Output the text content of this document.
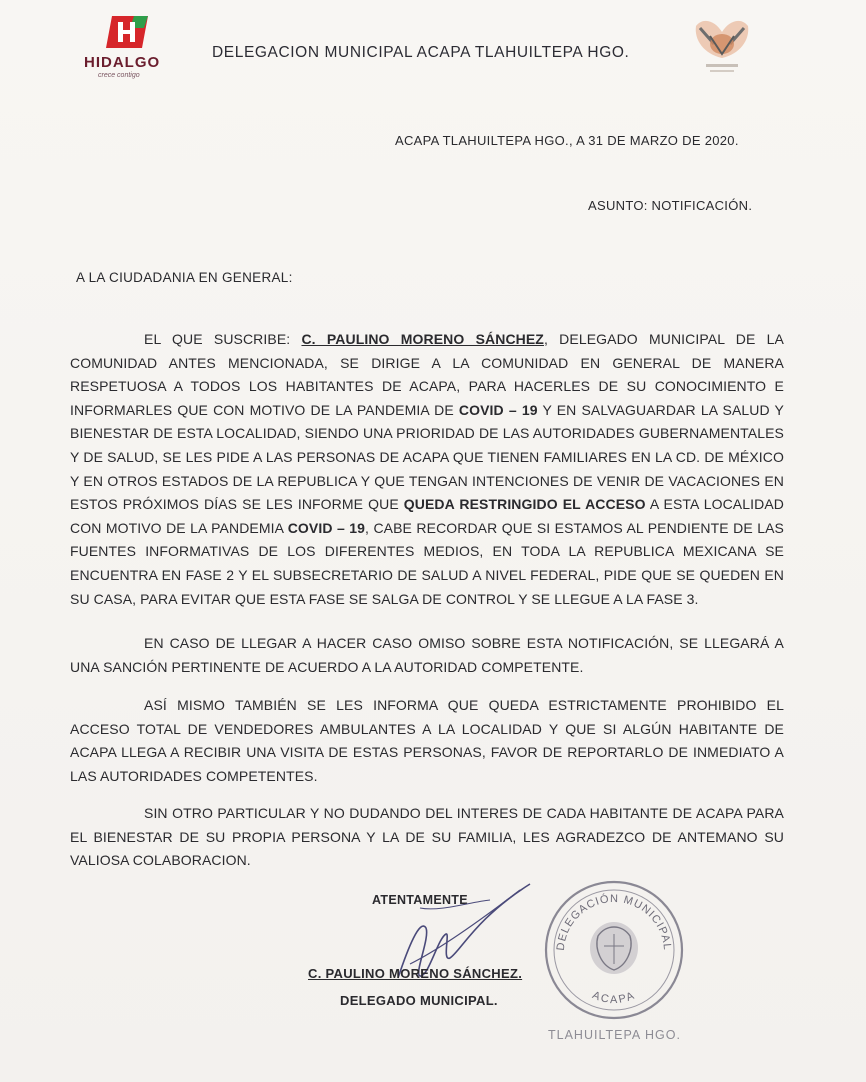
HIDALGO
crece contigo
DELEGACION MUNICIPAL ACAPA TLAHUILTEPA HGO.
ACAPA TLAHUILTEPA HGO., A 31 DE MARZO DE 2020.
ASUNTO: NOTIFICACIÓN.
A LA CIUDADANIA EN GENERAL:
EL QUE SUSCRIBE: C. PAULINO MORENO SÁNCHEZ, DELEGADO MUNICIPAL DE LA COMUNIDAD ANTES MENCIONADA, SE DIRIGE A LA COMUNIDAD EN GENERAL DE MANERA RESPETUOSA A TODOS LOS HABITANTES DE ACAPA, PARA HACERLES DE SU CONOCIMIENTO E INFORMARLES QUE CON MOTIVO DE LA PANDEMIA DE COVID – 19 Y EN SALVAGUARDAR LA SALUD Y BIENESTAR DE ESTA LOCALIDAD, SIENDO UNA PRIORIDAD DE LAS AUTORIDADES GUBERNAMENTALES Y DE SALUD, SE LES PIDE A LAS PERSONAS DE ACAPA QUE TIENEN FAMILIARES EN LA CD. DE MÉXICO Y EN OTROS ESTADOS DE LA REPUBLICA Y QUE TENGAN INTENCIONES DE VENIR DE VACACIONES EN ESTOS PRÓXIMOS DÍAS SE LES INFORME QUE QUEDA RESTRINGIDO EL ACCESO A ESTA LOCALIDAD CON MOTIVO DE LA PANDEMIA COVID – 19, CABE RECORDAR QUE SI ESTAMOS AL PENDIENTE DE LAS FUENTES INFORMATIVAS DE LOS DIFERENTES MEDIOS, EN TODA LA REPUBLICA MEXICANA SE ENCUENTRA EN FASE 2 Y EL SUBSECRETARIO DE SALUD A NIVEL FEDERAL, PIDE QUE SE QUEDEN EN SU CASA, PARA EVITAR QUE ESTA FASE SE SALGA DE CONTROL Y SE LLEGUE A LA FASE 3.
EN CASO DE LLEGAR A HACER CASO OMISO SOBRE ESTA NOTIFICACIÓN, SE LLEGARÁ A UNA SANCIÓN PERTINENTE DE ACUERDO A LA AUTORIDAD COMPETENTE.
ASÍ MISMO TAMBIÉN SE LES INFORMA QUE QUEDA ESTRICTAMENTE PROHIBIDO EL ACCESO TOTAL DE VENDEDORES AMBULANTES A LA LOCALIDAD Y QUE SI ALGÚN HABITANTE DE ACAPA LLEGA A RECIBIR UNA VISITA DE ESTAS PERSONAS, FAVOR DE REPORTARLO DE INMEDIATO A LAS AUTORIDADES COMPETENTES.
SIN OTRO PARTICULAR Y NO DUDANDO DEL INTERES DE CADA HABITANTE DE ACAPA PARA EL BIENESTAR DE SU PROPIA PERSONA Y LA DE SU FAMILIA, LES AGRADEZCO DE ANTEMANO SU VALIOSA COLABORACION.
ATENTAMENTE
C. PAULINO MORENO SÁNCHEZ.
DELEGADO MUNICIPAL.
DELEGACIÓN MUNICIPAL
ACAPA
TLAHUILTEPA HGO.
